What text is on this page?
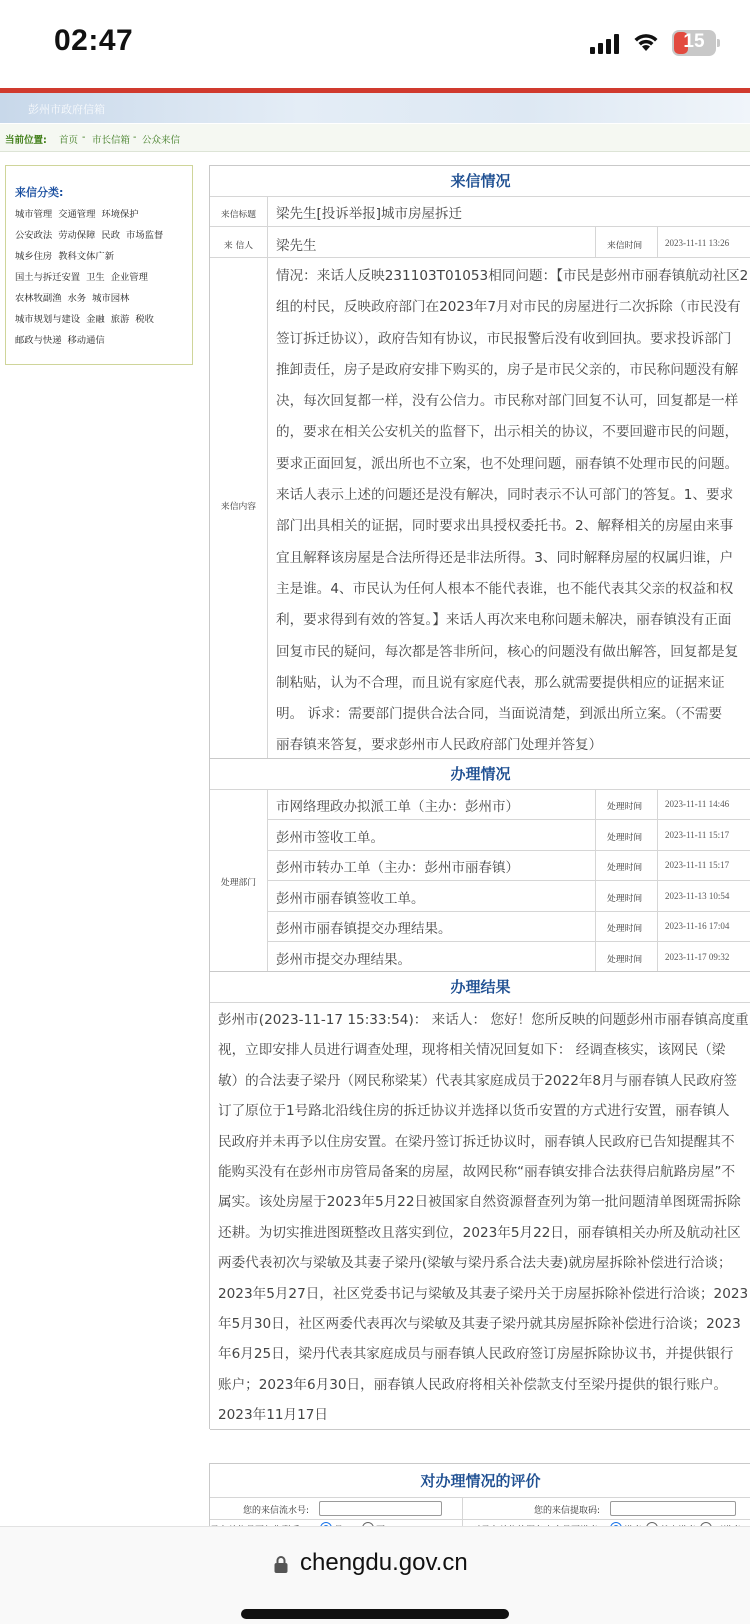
02:47	15
彭州市政府信箱
当前位置: 首页 - 市长信箱 - 公众来信
来信分类:
城市管理 交通管理 环境保护
公安政法 劳动保障 民政 市场监督
城乡住房 教科文体广新
国土与拆迁安置 卫生 企业管理
农林牧副渔 水务 城市园林
城市规划与建设 金融 旅游 税收
邮政与快递 移动通信
来信情况
来信标题	梁先生[投诉举报]城市房屋拆迁
来 信人	梁先生	来信时间	2023-11-11 13:26
来信内容
情况：来话人反映231103T01053相同问题：【市民是彭州市丽春镇航动社区2
组的村民，反映政府部门在2023年7月对市民的房屋进行二次拆除（市民没有
签订拆迁协议），政府告知有协议，市民报警后没有收到回执。要求投诉部门
推卸责任，房子是政府安排下购买的，房子是市民父亲的，市民称问题没有解
决，每次回复都一样，没有公信力。市民称对部门回复不认可，回复都是一样
的，要求在相关公安机关的监督下，出示相关的协议，不要回避市民的问题，
要求正面回复，派出所也不立案，也不处理问题，丽春镇不处理市民的问题。
来话人表示上述的问题还是没有解决，同时表示不认可部门的答复。1、要求
部门出具相关的证据，同时要求出具授权委托书。2、解释相关的房屋由来事
宜且解释该房屋是合法所得还是非法所得。3、同时解释房屋的权属归谁，户
主是谁。4、市民认为任何人根本不能代表谁，也不能代表其父亲的权益和权
利，要求得到有效的答复。】来话人再次来电称问题未解决，丽春镇没有正面
回复市民的疑问，每次都是答非所问，核心的问题没有做出解答，回复都是复
制粘贴，认为不合理，而且说有家庭代表，那么就需要提供相应的证据来证
明。 诉求：需要部门提供合法合同，当面说清楚，到派出所立案。（不需要
丽春镇来答复，要求彭州市人民政府部门处理并答复）
办理情况
处理部门
市网络理政办拟派工单（主办：彭州市）	处理时间	2023-11-11 14:46
彭州市签收工单。	处理时间	2023-11-11 15:17
彭州市转办工单（主办：彭州市丽春镇）	处理时间	2023-11-11 15:17
彭州市丽春镇签收工单。	处理时间	2023-11-13 10:54
彭州市丽春镇提交办理结果。	处理时间	2023-11-16 17:04
彭州市提交办理结果。	处理时间	2023-11-17 09:32
办理结果
彭州市(2023-11-17 15:33:54)： 来话人： 您好！您所反映的问题彭州市丽春镇高度重
视，立即安排人员进行调查处理，现将相关情况回复如下： 经调查核实，该网民（梁
敏）的合法妻子梁丹（网民称梁某）代表其家庭成员于2022年8月与丽春镇人民政府签
订了原位于1号路北沿线住房的拆迁协议并选择以货币安置的方式进行安置，丽春镇人
民政府并未再予以住房安置。在梁丹签订拆迁协议时，丽春镇人民政府已告知提醒其不
能购买没有在彭州市房管局备案的房屋，故网民称“丽春镇安排合法获得启航路房屋”不
属实。该处房屋于2023年5月22日被国家自然资源督查列为第一批问题清单图斑需拆除
还耕。为切实推进图斑整改且落实到位，2023年5月22日，丽春镇相关办所及航动社区
两委代表初次与梁敏及其妻子梁丹(梁敏与梁丹系合法夫妻)就房屋拆除补偿进行洽谈；
2023年5月27日，社区党委书记与梁敏及其妻子梁丹关于房屋拆除补偿进行洽谈；2023
年5月30日，社区两委代表再次与梁敏及其妻子梁丹就其房屋拆除补偿进行洽谈；2023
年6月25日，梁丹代表其家庭成员与丽春镇人民政府签订房屋拆除协议书，并提供银行
账户；2023年6月30日，丽春镇人民政府将相关补偿款支付至梁丹提供的银行账户。
2023年11月17日
对办理情况的评价
您的来信流水号:	您的来信提取码:
chengdu.gov.cn
